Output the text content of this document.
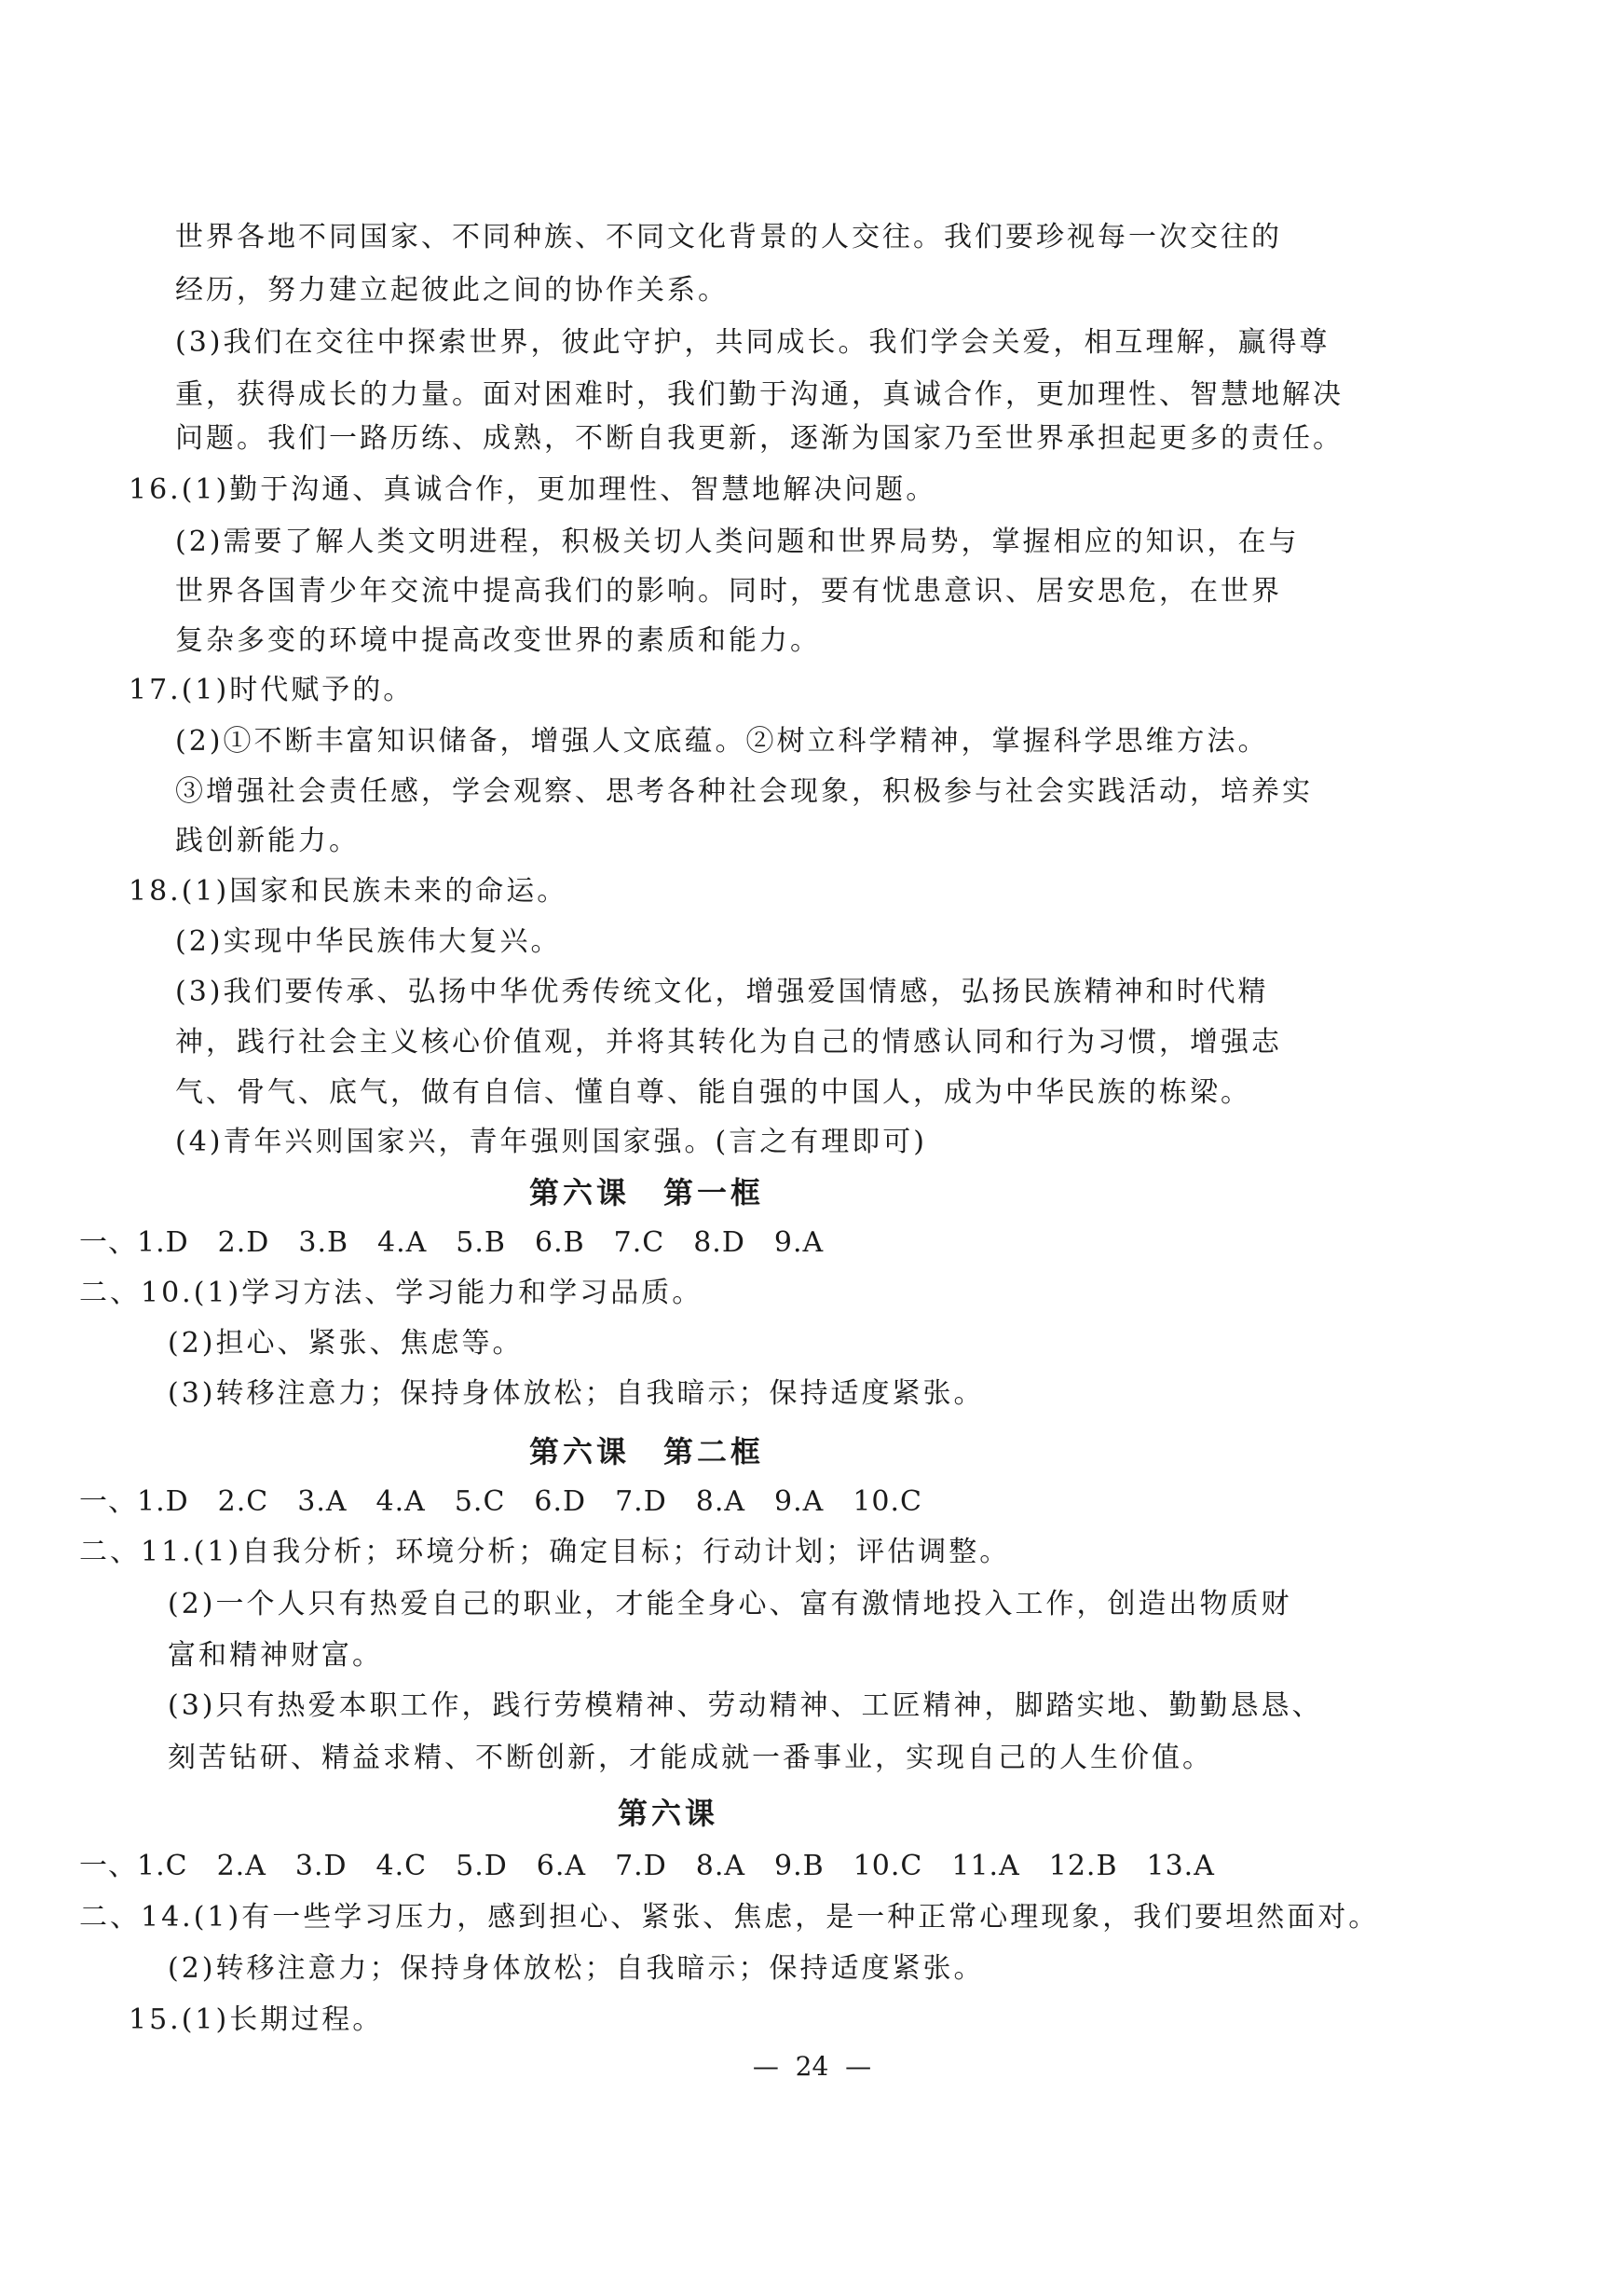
世界各地不同国家、不同种族、不同文化背景的人交往。我们要珍视每一次交往的
经历，努力建立起彼此之间的协作关系。
(3)我们在交往中探索世界，彼此守护，共同成长。我们学会关爱，相互理解，赢得尊
重，获得成长的力量。面对困难时，我们勤于沟通，真诚合作，更加理性、智慧地解决
问题。我们一路历练、成熟，不断自我更新，逐渐为国家乃至世界承担起更多的责任。
16.(1)勤于沟通、真诚合作，更加理性、智慧地解决问题。
(2)需要了解人类文明进程，积极关切人类问题和世界局势，掌握相应的知识，在与
世界各国青少年交流中提高我们的影响。同时，要有忧患意识、居安思危，在世界
复杂多变的环境中提高改变世界的素质和能力。
17.(1)时代赋予的。
(2)①不断丰富知识储备，增强人文底蕴。②树立科学精神，掌握科学思维方法。
③增强社会责任感，学会观察、思考各种社会现象，积极参与社会实践活动，培养实
践创新能力。
18.(1)国家和民族未来的命运。
(2)实现中华民族伟大复兴。
(3)我们要传承、弘扬中华优秀传统文化，增强爱国情感，弘扬民族精神和时代精
神，践行社会主义核心价值观，并将其转化为自己的情感认同和行为习惯，增强志
气、骨气、底气，做有自信、懂自尊、能自强的中国人，成为中华民族的栋梁。
(4)青年兴则国家兴，青年强则国家强。(言之有理即可)
第六课　第一框
一、1.D　2.D　3.B　4.A　5.B　6.B　7.C　8.D　9.A
二、10.(1)学习方法、学习能力和学习品质。
(2)担心、紧张、焦虑等。
(3)转移注意力；保持身体放松；自我暗示；保持适度紧张。
第六课　第二框
一、1.D　2.C　3.A　4.A　5.C　6.D　7.D　8.A　9.A　10.C
二、11.(1)自我分析；环境分析；确定目标；行动计划；评估调整。
(2)一个人只有热爱自己的职业，才能全身心、富有激情地投入工作，创造出物质财
富和精神财富。
(3)只有热爱本职工作，践行劳模精神、劳动精神、工匠精神，脚踏实地、勤勤恳恳、
刻苦钻研、精益求精、不断创新，才能成就一番事业，实现自己的人生价值。
第六课
一、1.C　2.A　3.D　4.C　5.D　6.A　7.D　8.A　9.B　10.C　11.A　12.B　13.A
二、14.(1)有一些学习压力，感到担心、紧张、焦虑，是一种正常心理现象，我们要坦然面对。
(2)转移注意力；保持身体放松；自我暗示；保持适度紧张。
15.(1)长期过程。
—  24  —
